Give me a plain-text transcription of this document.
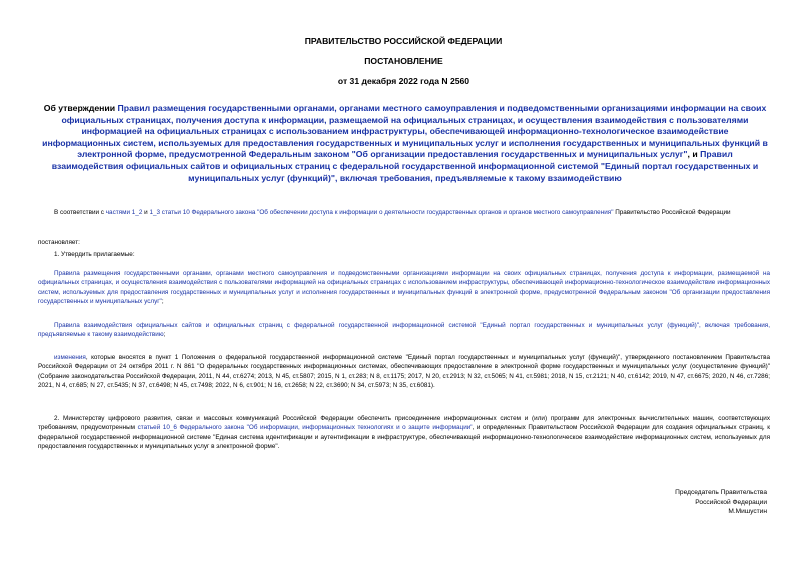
ПРАВИТЕЛЬСТВО РОССИЙСКОЙ ФЕДЕРАЦИИ
ПОСТАНОВЛЕНИЕ
от 31 декабря 2022 года N 2560
Об утверждении Правил размещения государственными органами, органами местного самоуправления и подведомственными организациями информации на своих официальных страницах, получения доступа к информации, размещаемой на официальных страницах, и осуществления взаимодействия с пользователями информацией на официальных страницах с использованием инфраструктуры, обеспечивающей информационно-технологическое взаимодействие информационных систем, используемых для предоставления государственных и муниципальных услуг и исполнения государственных и муниципальных функций в электронной форме, предусмотренной Федеральным законом "Об организации предоставления государственных и муниципальных услуг", и Правил взаимодействия официальных сайтов и официальных страниц с федеральной государственной информационной системой "Единый портал государственных и муниципальных услуг (функций)", включая требования, предъявляемые к такому взаимодействию
В соответствии с частями 1_2 и 1_3 статьи 10 Федерального закона "Об обеспечении доступа к информации о деятельности государственных органов и органов местного самоуправления" Правительство Российской Федерации
постановляет:
1. Утвердить прилагаемые:
Правила размещения государственными органами, органами местного самоуправления и подведомственными организациями информации на своих официальных страницах, получения доступа к информации, размещаемой на официальных страницах, и осуществления взаимодействия с пользователями информацией на официальных страницах с использованием инфраструктуры, обеспечивающей информационно-технологическое взаимодействие информационных систем, используемых для предоставления государственных и муниципальных услуг и исполнения государственных и муниципальных функций в электронной форме, предусмотренной Федеральным законом "Об организации предоставления государственных и муниципальных услуг";
Правила взаимодействия официальных сайтов и официальных страниц с федеральной государственной информационной системой "Единый портал государственных и муниципальных услуг (функций)", включая требования, предъявляемые к такому взаимодействию;
изменения, которые вносятся в пункт 1 Положения о федеральной государственной информационной системе "Единый портал государственных и муниципальных услуг (функций)", утвержденного постановлением Правительства Российской Федерации от 24 октября 2011 г. N 861 "О федеральных государственных информационных системах, обеспечивающих предоставление в электронной форме государственных и муниципальных услуг (осуществление функций)" (Собрание законодательства Российской Федерации, 2011, N 44, ст.6274; 2013, N 45, ст.5807; 2015, N 1, ст.283; N 8, ст.1175; 2017, N 20, ст.2913; N 32, ст.5065; N 41, ст.5981; 2018, N 15, ст.2121; N 40, ст.6142; 2019, N 47, ст.6675; 2020, N 46, ст.7286; 2021, N 4, ст.685; N 27, ст.5435; N 37, ст.6498; N 45, ст.7498; 2022, N 6, ст.901; N 16, ст.2658; N 22, ст.3690; N 34, ст.5973; N 35, ст.6081).
2. Министерству цифрового развития, связи и массовых коммуникаций Российской Федерации обеспечить присоединение информационных систем и (или) программ для электронных вычислительных машин, соответствующих требованиям, предусмотренным статьей 10_6 Федерального закона "Об информации, информационных технологиях и о защите информации", и определенных Правительством Российской Федерации для создания официальных страниц, к федеральной государственной информационной системе "Единая система идентификации и аутентификации в инфраструктуре, обеспечивающей информационно-технологическое взаимодействие информационных систем, используемых для предоставления государственных и муниципальных услуг в электронной форме".
Председатель Правительства
Российской Федерации
М.Мишустин
